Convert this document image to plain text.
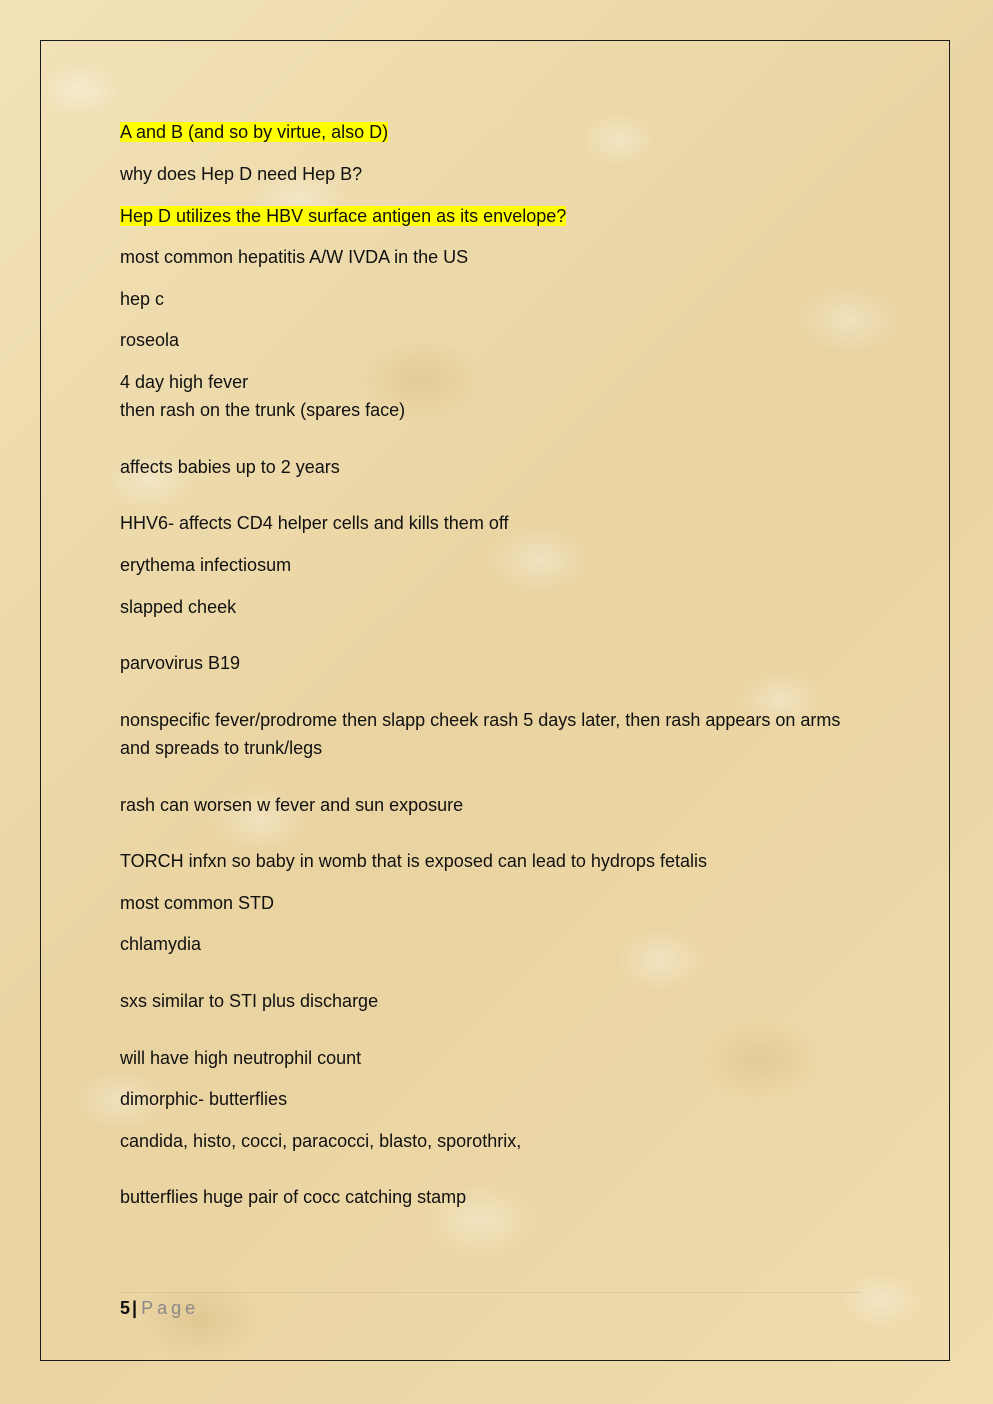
A and B (and so by virtue, also D)

why does Hep D need Hep B?

Hep D utilizes the HBV surface antigen as its envelope?

most common hepatitis A/W IVDA in the US

hep c

roseola

4 day high fever

then rash on the trunk (spares face)

affects babies up to 2 years

HHV6- affects CD4 helper cells and kills them off

erythema infectiosum

slapped cheek

parvovirus B19

nonspecific fever/prodrome then slapp cheek rash 5 days later, then rash appears on arms and spreads to trunk/legs

rash can worsen w fever and sun exposure

TORCH infxn so baby in womb that is exposed can lead to hydrops fetalis

most common STD

chlamydia

sxs similar to STI plus discharge

will have high neutrophil count

dimorphic- butterflies

candida, histo, cocci, paracocci, blasto, sporothrix,

butterflies huge pair of cocc catching stamp

5 | Page
